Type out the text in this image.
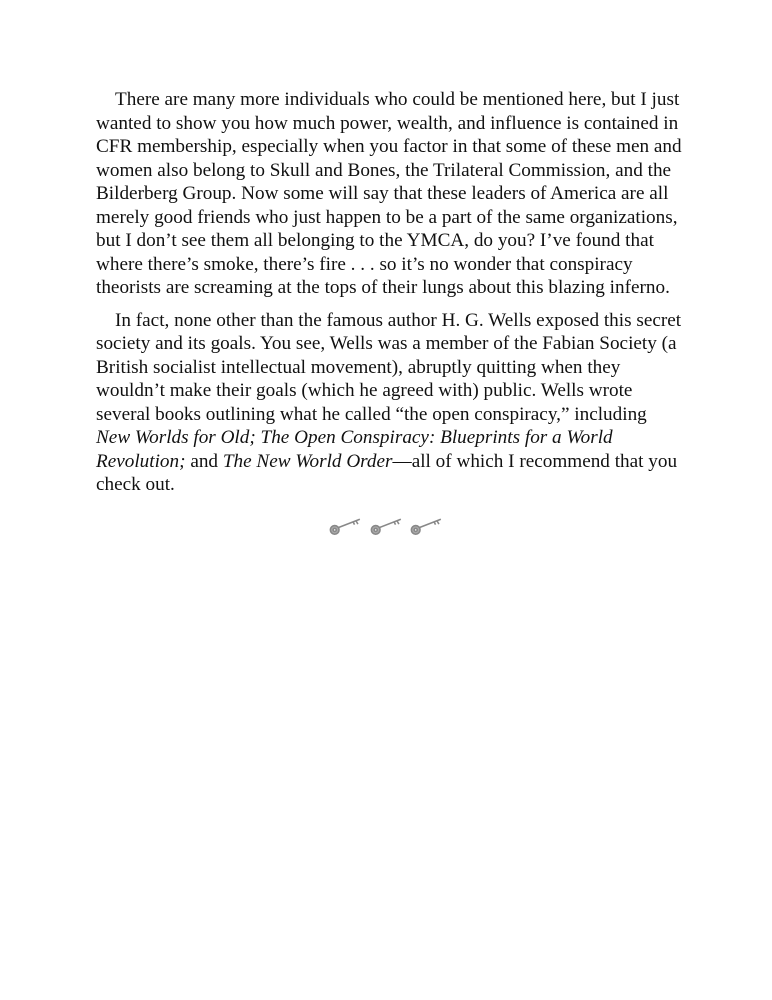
There are many more individuals who could be mentioned here, but I just
wanted to show you how much power, wealth, and influence is contained in
CFR membership, especially when you factor in that some of these men and
women also belong to Skull and Bones, the Trilateral Commission, and the
Bilderberg Group. Now some will say that these leaders of America are all
merely good friends who just happen to be a part of the same organizations,
but I don’t see them all belonging to the YMCA, do you? I’ve found that
where there’s smoke, there’s fire . . . so it’s no wonder that conspiracy
theorists are screaming at the tops of their lungs about this blazing inferno.

In fact, none other than the famous author H. G. Wells exposed this secret
society and its goals. You see, Wells was a member of the Fabian Society (a
British socialist intellectual movement), abruptly quitting when they
wouldn’t make their goals (which he agreed with) public. Wells wrote
several books outlining what he called “the open conspiracy,” including
New Worlds for Old; The Open Conspiracy: Blueprints for a World
Revolution; and The New World Order—all of which I recommend that you
check out.
